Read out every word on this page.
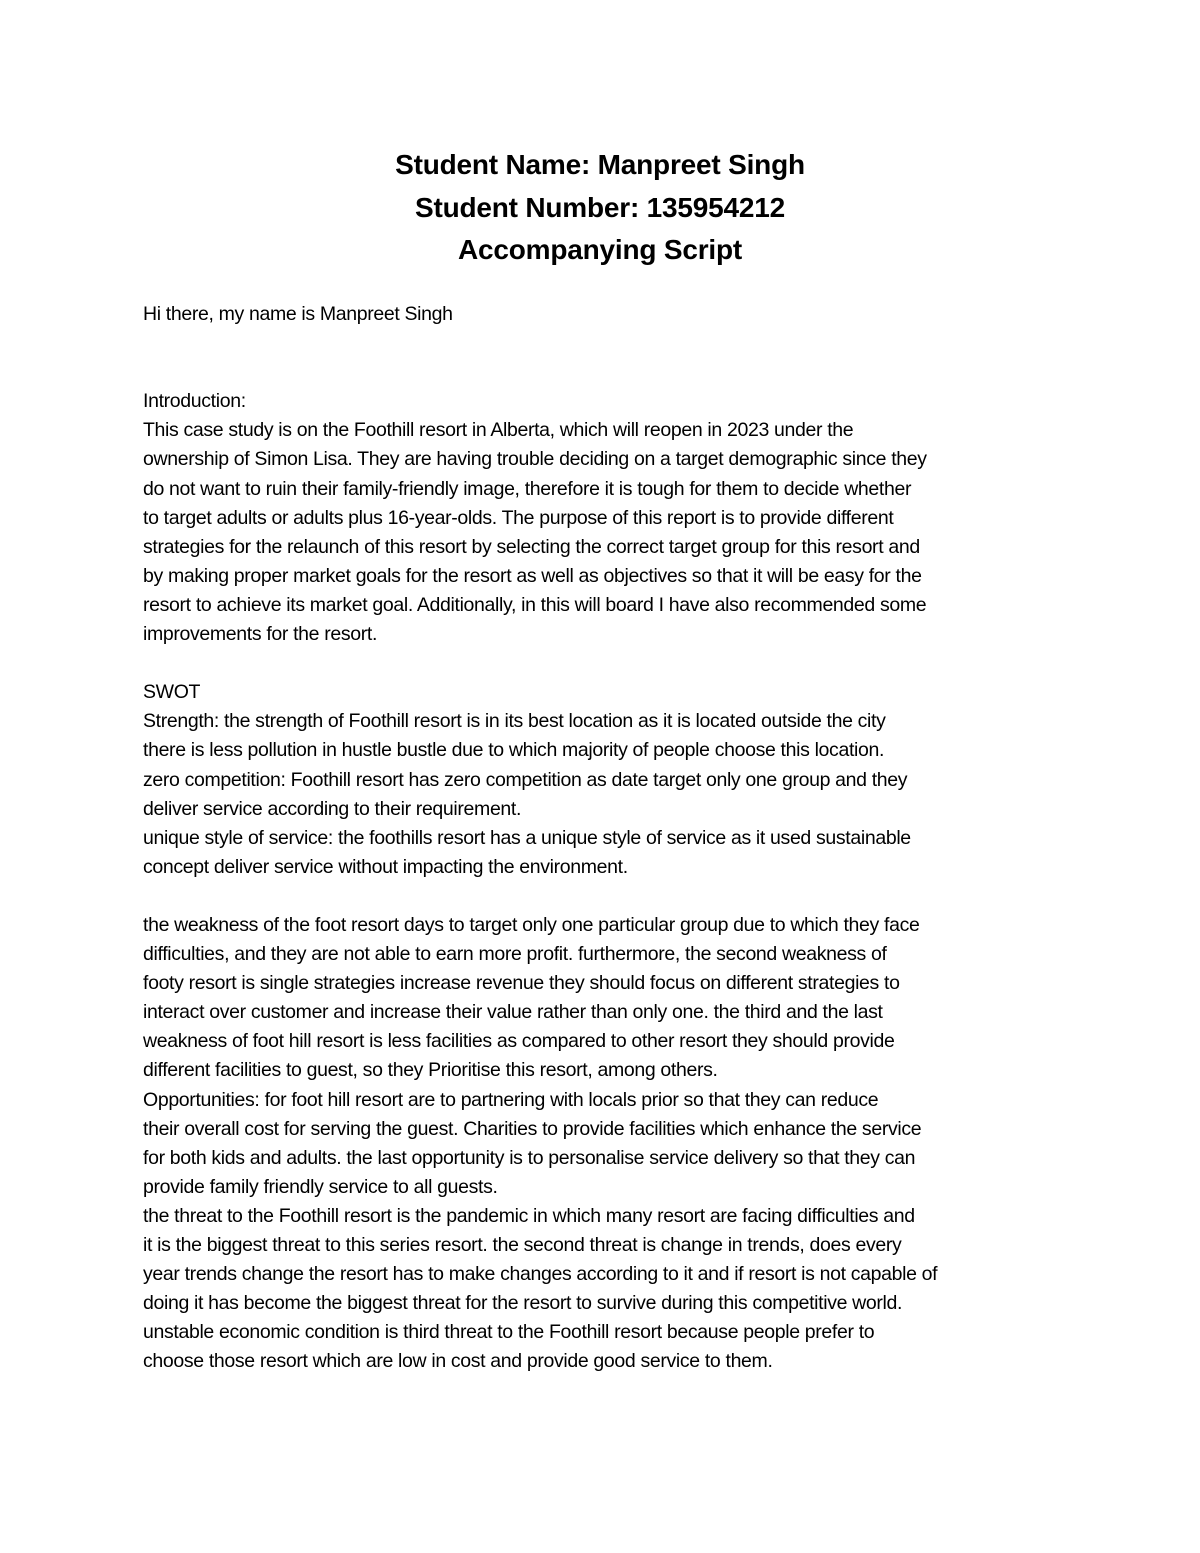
Student Name: Manpreet Singh
Student Number: 135954212
Accompanying Script
Hi there, my name is Manpreet Singh
Introduction:
This case study is on the Foothill resort in Alberta, which will reopen in 2023 under the
ownership of Simon Lisa. They are having trouble deciding on a target demographic since they
do not want to ruin their family-friendly image, therefore it is tough for them to decide whether
to target adults or adults plus 16-year-olds. The purpose of this report is to provide different
strategies for the relaunch of this resort by selecting the correct target group for this resort and
by making proper market goals for the resort as well as objectives so that it will be easy for the
resort to achieve its market goal. Additionally, in this will board I have also recommended some
improvements for the resort.
SWOT
Strength: the strength of Foothill resort is in its best location as it is located outside the city
there is less pollution in hustle bustle due to which majority of people choose this location.
zero competition: Foothill resort has zero competition as date target only one group and they
deliver service according to their requirement.
unique style of service: the foothills resort has a unique style of service as it used sustainable
concept deliver service without impacting the environment.
the weakness of the foot resort days to target only one particular group due to which they face
difficulties, and they are not able to earn more profit. furthermore, the second weakness of
footy resort is single strategies increase revenue they should focus on different strategies to
interact over customer and increase their value rather than only one. the third and the last
weakness of foot hill resort is less facilities as compared to other resort they should provide
different facilities to guest, so they Prioritise this resort, among others.
Opportunities: for foot hill resort are to partnering with locals prior so that they can reduce
their overall cost for serving the guest. Charities to provide facilities which enhance the service
for both kids and adults. the last opportunity is to personalise service delivery so that they can
provide family friendly service to all guests.
the threat to the Foothill resort is the pandemic in which many resort are facing difficulties and
it is the biggest threat to this series resort. the second threat is change in trends, does every
year trends change the resort has to make changes according to it and if resort is not capable of
doing it has become the biggest threat for the resort to survive during this competitive world.
unstable economic condition is third threat to the Foothill resort because people prefer to
choose those resort which are low in cost and provide good service to them.
